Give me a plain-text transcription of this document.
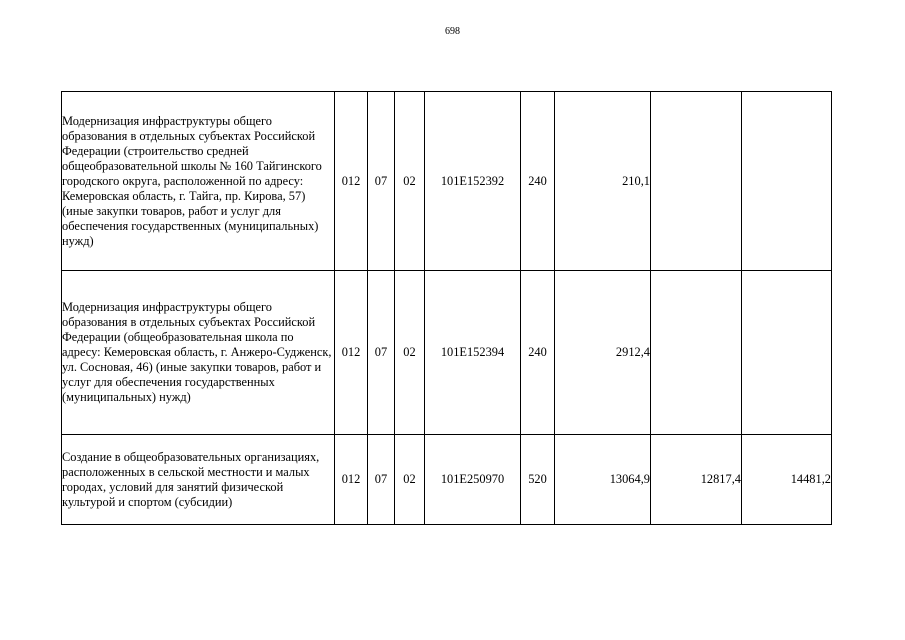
698
Модернизация инфраструктуры общего образования в отдельных субъектах Российской Федерации (строительство средней общеобразовательной школы № 160 Тайгинского городского округа, расположенной по адресу: Кемеровская область, г. Тайга, пр. Кирова, 57) (иные закупки товаров, работ и услуг для обеспечения государственных (муниципальных) нужд)	012	07	02	101E152392	240	210,1		

Модернизация инфраструктуры общего образования в отдельных субъектах Российской Федерации (общеобразовательная школа по адресу: Кемеровская область, г. Анжеро-Судженск, ул. Сосновая, 46) (иные закупки товаров, работ и услуг для обеспечения государственных (муниципальных) нужд)	012	07	02	101E152394	240	2912,4		

Создание в общеобразовательных организациях, расположенных в сельской местности и малых городах, условий для занятий физической культурой и спортом (субсидии)	012	07	02	101E250970	520	13064,9	12817,4	14481,2
